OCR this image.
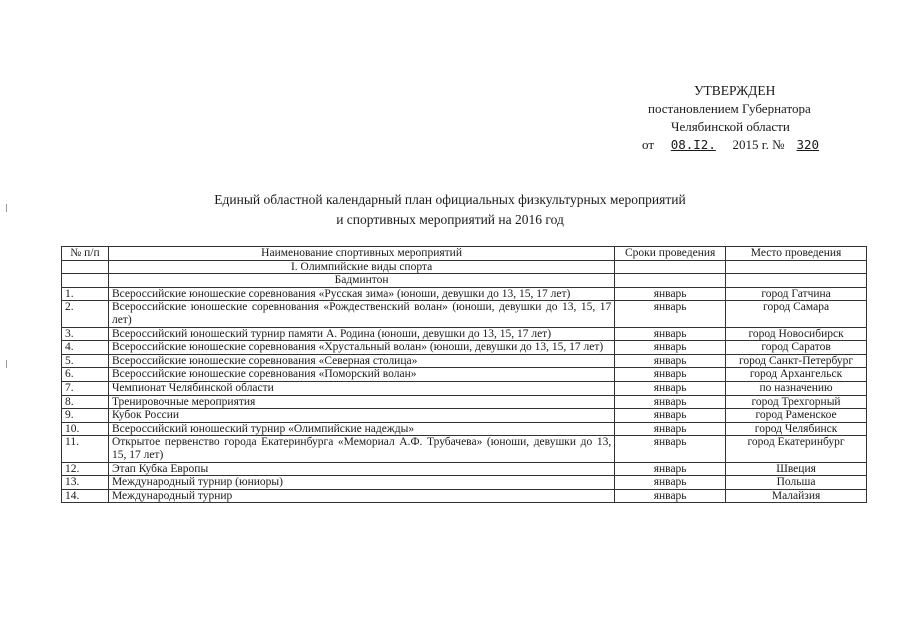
УТВЕРЖДЕН
постановлением Губернатора
Челябинской области
от 08.I2. 2015 г. № 320
Единый областной календарный план официальных физкультурных мероприятий
и спортивных мероприятий на 2016 год
№ п/п	Наименование спортивных мероприятий	Сроки проведения	Место проведения
	I. Олимпийские виды спорта		
	Бадминтон		
1.	Всероссийские юношеские соревнования «Русская зима» (юноши, девушки до 13, 15, 17 лет)	январь	город Гатчина
2.	Всероссийские юношеские соревнования «Рождественский волан» (юноши, девушки до 13, 15, 17 лет)	январь	город Самара
3.	Всероссийский юношеский турнир памяти А. Родина (юноши, девушки до 13, 15, 17 лет)	январь	город Новосибирск
4.	Всероссийские юношеские соревнования «Хрустальный волан» (юноши, девушки до 13, 15, 17 лет)	январь	город Саратов
5.	Всероссийские юношеские соревнования «Северная столица»	январь	город Санкт-Петербург
6.	Всероссийские юношеские соревнования «Поморский волан»	январь	город Архангельск
7.	Чемпионат Челябинской области	январь	по назначению
8.	Тренировочные мероприятия	январь	город Трехгорный
9.	Кубок России	январь	город Раменское
10.	Всероссийский юношеский турнир «Олимпийские надежды»	январь	город Челябинск
11.	Открытое первенство города Екатеринбурга «Мемориал А.Ф. Трубачева» (юноши, девушки до 13, 15, 17 лет)	январь	город Екатеринбург
12.	Этап Кубка Европы	январь	Швеция
13.	Международный турнир (юниоры)	январь	Польша
14.	Международный турнир	январь	Малайзия
